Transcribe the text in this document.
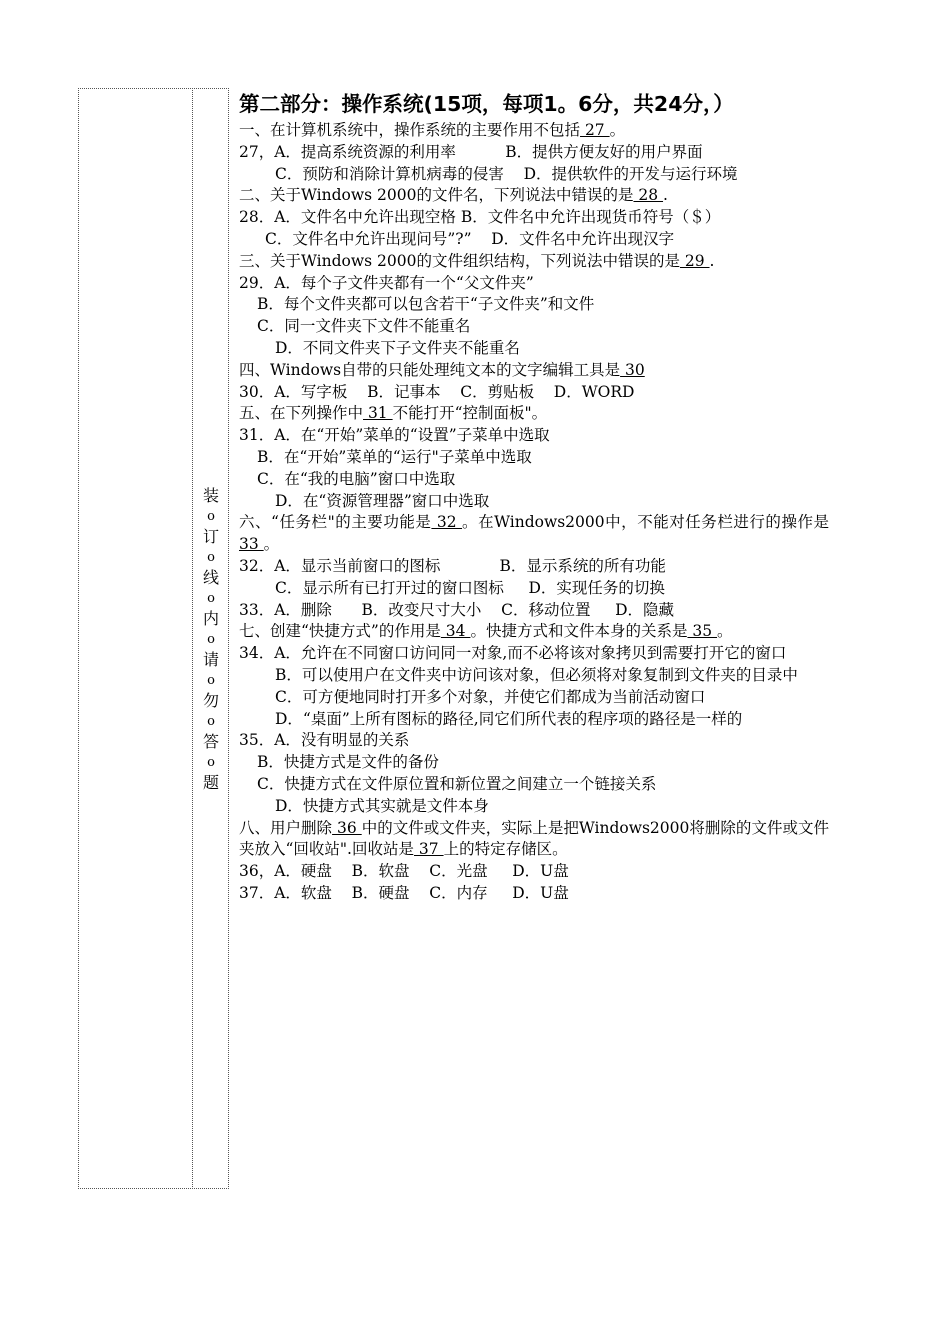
装
o
订
o
线
o
内
o
请
o
勿
o
答
o
题
第二部分：操作系统(15项，每项1。6分，共24分，）
一、在计算机系统中，操作系统的主要作用不包括 27 。
27，A．提高系统资源的利用率          B．提供方便友好的用户界面
C．预防和消除计算机病毒的侵害    D．提供软件的开发与运行环境
二、关于Windows 2000的文件名，下列说法中错误的是 28 .
28．A．文件名中允许出现空格 B．文件名中允许出现货币符号（＄）
C．文件名中允许出现问号”?”    D．文件名中允许出现汉字
三、关于Windows 2000的文件组织结构，下列说法中错误的是 29 .
29．A．每个子文件夹都有一个“父文件夹”
B．每个文件夹都可以包含若干“子文件夹”和文件
C．同一文件夹下文件不能重名
D．不同文件夹下子文件夹不能重名
四、Windows自带的只能处理纯文本的文字编辑工具是 30
30．A．写字板    B．记事本    C．剪贴板    D．WORD
五、在下列操作中 31 不能打开“控制面板"。
31．A．在“开始”菜单的“设置”子菜单中选取
B．在“开始”菜单的“运行"子菜单中选取
C．在“我的电脑”窗口中选取
D．在“资源管理器”窗口中选取
六、“任务栏"的主要功能是 32 。在Windows2000中，不能对任务栏进行的操作是 33 。
32．A．显示当前窗口的图标            B．显示系统的所有功能
C．显示所有已打开过的窗口图标     D．实现任务的切换
33．A．删除      B．改变尺寸大小    C．移动位置     D．隐藏
七、创建“快捷方式”的作用是 34 。快捷方式和文件本身的关系是 35 。
34．A．允许在不同窗口访问同一对象,而不必将该对象拷贝到需要打开它的窗口
B．可以使用户在文件夹中访问该对象，但必须将对象复制到文件夹的目录中
C．可方便地同时打开多个对象，并使它们都成为当前活动窗口
D．“桌面”上所有图标的路径,同它们所代表的程序项的路径是一样的
35．A．没有明显的关系
B．快捷方式是文件的备份
C．快捷方式在文件原位置和新位置之间建立一个链接关系
D．快捷方式其实就是文件本身
八、用户删除 36 中的文件或文件夹，实际上是把Windows2000将删除的文件或文件夹放入“回收站".回收站是 37 上的特定存储区。
36，A．硬盘    B．软盘    C．光盘     D．U盘
37．A．软盘    B．硬盘    C．内存     D．U盘
